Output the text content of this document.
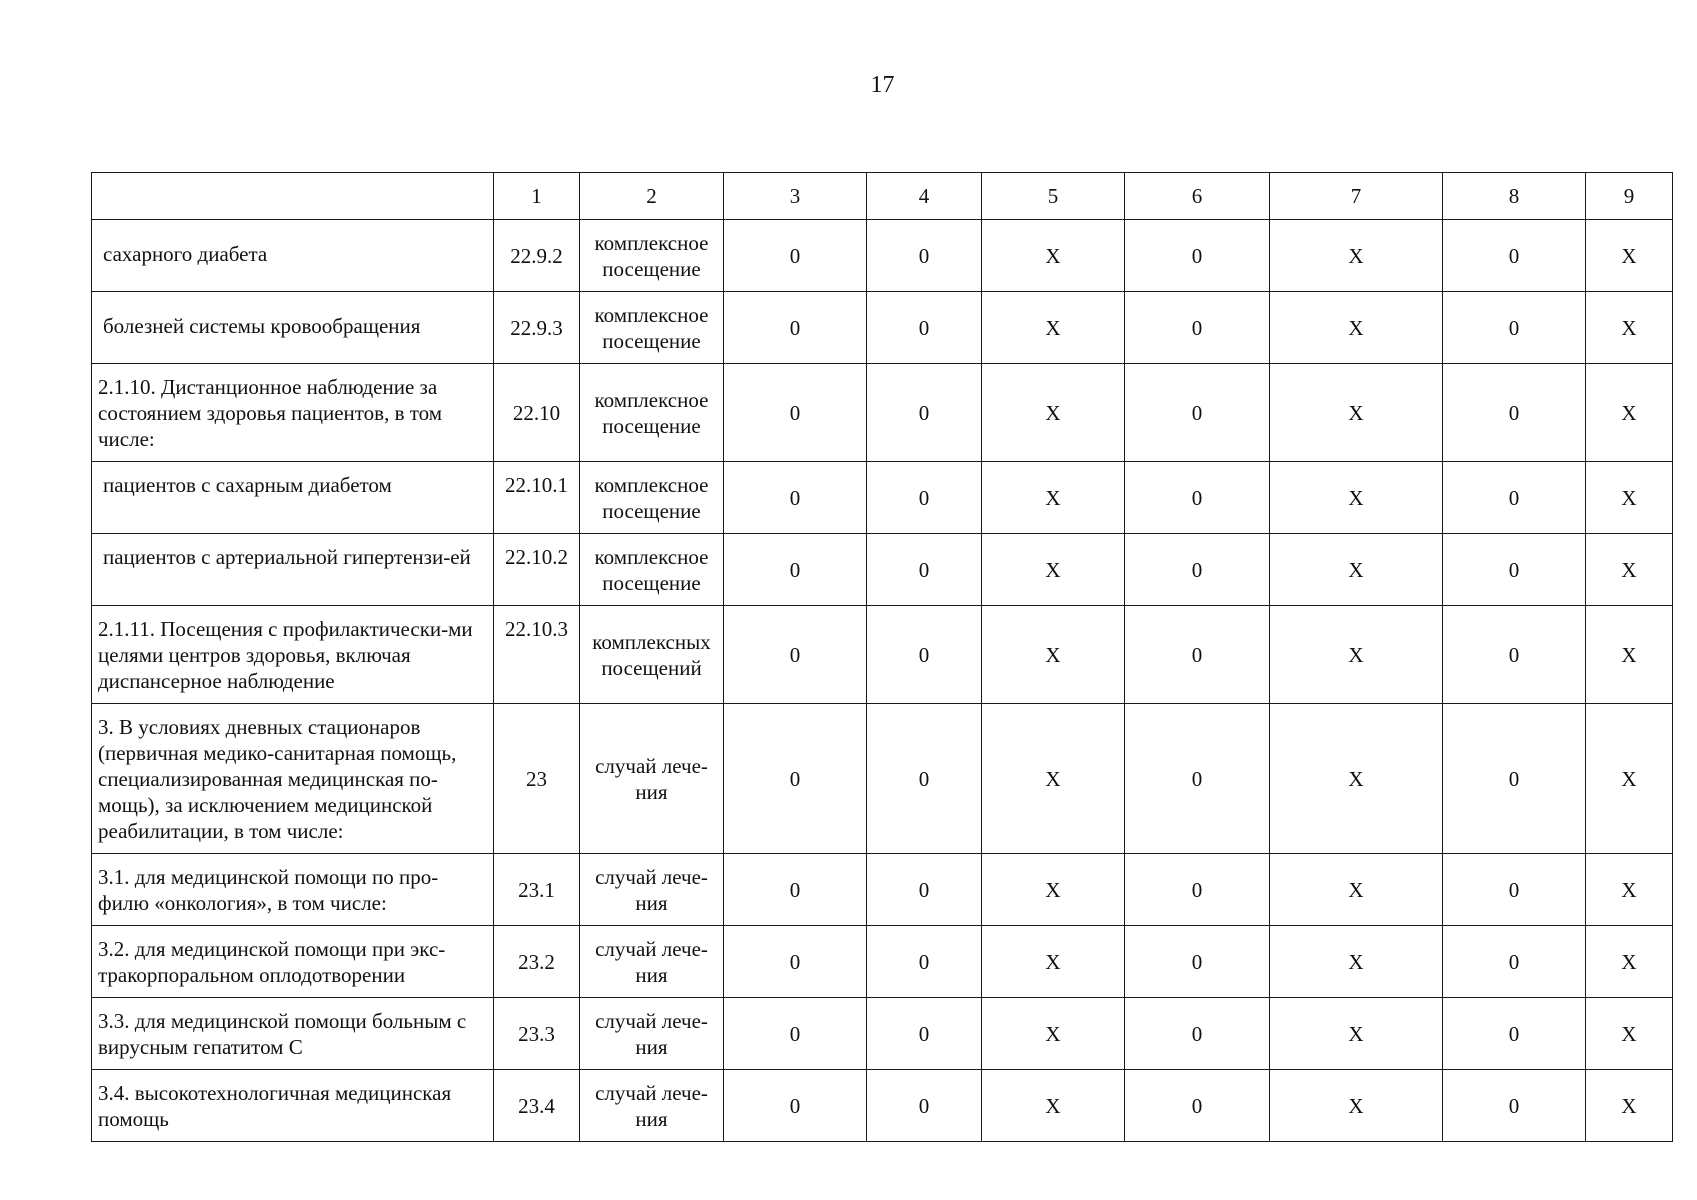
17
	1	2	3	4	5	6	7	8	9
сахарного диабета	22.9.2	комплексное посещение	0	0	X	0	X	0	X
болезней системы кровообращения	22.9.3	комплексное посещение	0	0	X	0	X	0	X
2.1.10. Дистанционное наблюдение за состоянием здоровья пациентов, в том числе:	22.10	комплексное посещение	0	0	X	0	X	0	X
пациентов с сахарным диабетом	22.10.1	комплексное посещение	0	0	X	0	X	0	X
пациентов с артериальной гипертензи-ей	22.10.2	комплексное посещение	0	0	X	0	X	0	X
2.1.11. Посещения с профилактически-ми целями центров здоровья, включая диспансерное наблюдение	22.10.3	комплексных посещений	0	0	X	0	X	0	X
3. В условиях дневных стационаров (первичная медико-санитарная помощь, специализированная медицинская по-мощь), за исключением медицинской реабилитации, в том числе:	23	случай лече-ния	0	0	X	0	X	0	X
3.1. для медицинской помощи по про-филю «онкология», в том числе:	23.1	случай лече-ния	0	0	X	0	X	0	X
3.2. для медицинской помощи при экс-тракорпоральном оплодотворении	23.2	случай лече-ния	0	0	X	0	X	0	X
3.3. для медицинской помощи больным с вирусным гепатитом С	23.3	случай лече-ния	0	0	X	0	X	0	X
3.4. высокотехнологичная медицинская помощь	23.4	случай лече-ния	0	0	X	0	X	0	X
